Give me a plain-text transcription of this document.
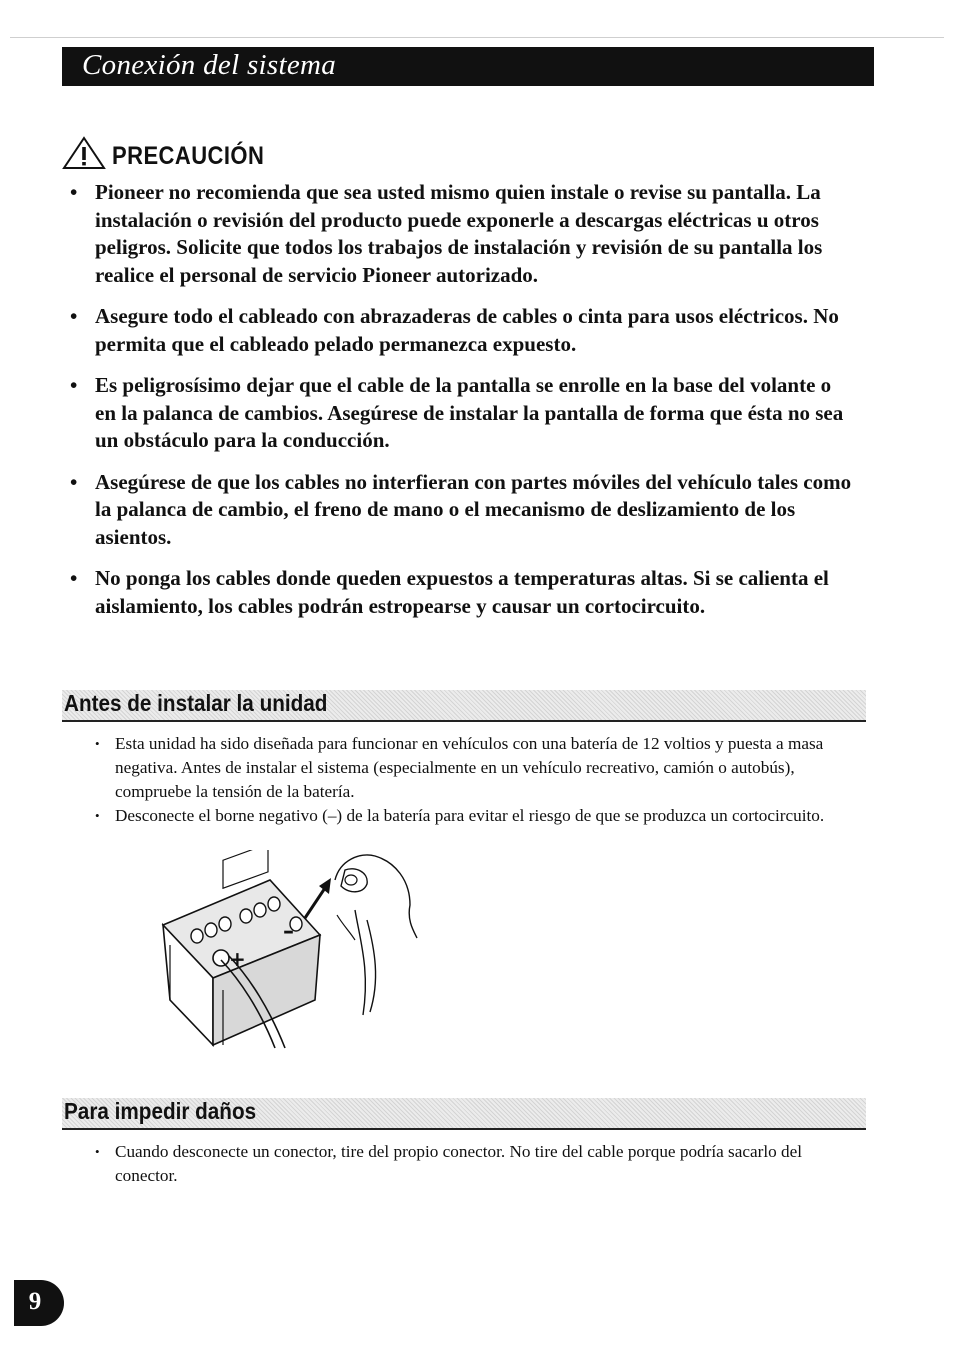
Conexión del sistema
PRECAUCIÓN
• Pioneer no recomienda que sea usted mismo quien instale o revise su pantalla. La instalación o revisión del producto puede exponerle a descargas eléctricas u otros peligros. Solicite que todos los trabajos de instalación y revisión de su pantalla los realice el personal de servicio Pioneer autorizado.
• Asegure todo el cableado con abrazaderas de cables o cinta para usos eléctricos. No permita que el cableado pelado permanezca expuesto.
• Es peligrosísimo dejar que el cable de la pantalla se enrolle en la base del volante o en la palanca de cambios. Asegúrese de instalar la pantalla de forma que ésta no sea un obstáculo para la conducción.
• Asegúrese de que los cables no interfieran con partes móviles del vehículo tales como la palanca de cambio, el freno de mano o el mecanismo de deslizamiento de los asientos.
• No ponga los cables donde queden expuestos a temperaturas altas. Si se calienta el aislamiento, los cables podrán estropearse y causar un cortocircuito.
Antes de instalar la unidad
• Esta unidad ha sido diseñada para funcionar en vehículos con una batería de 12 voltios y puesta a masa negativa. Antes de instalar el sistema (especialmente en un vehículo recreativo, camión o autobús), compruebe la tensión de la batería.
• Desconecte el borne negativo (–) de la batería para evitar el riesgo de que se produzca un cortocircuito.
–
+
Para impedir daños
• Cuando desconecte un conector, tire del propio conector. No tire del cable porque podría sacarlo del conector.
9
